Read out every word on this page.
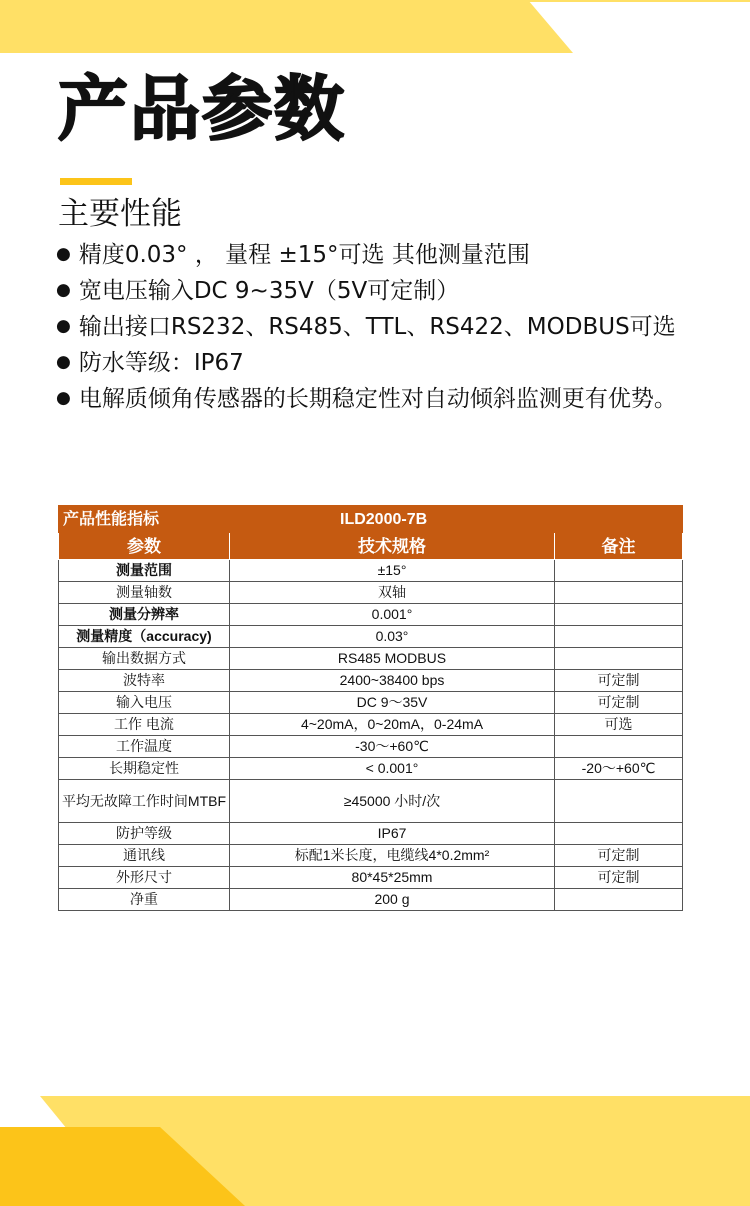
产品参数
主要性能
● 精度0.03° ， 量程 ±15°可选 其他测量范围
● 宽电压输入DC 9~35V（5V可定制）
● 输出接口RS232、RS485、TTL、RS422、MODBUS可选
● 防水等级：IP67
● 电解质倾角传感器的长期稳定性对自动倾斜监测更有优势。
产品性能指标	ILD2000-7B	
参数	技术规格	备注
测量范围	±15°	
测量轴数	双轴	
测量分辨率	0.001°	
测量精度（accuracy)	0.03°	
输出数据方式	RS485 MODBUS	
波特率	2400~38400 bps	可定制
输入电压	DC 9～35V	可定制
工作 电流	4~20mA，0~20mA，0-24mA	可选
工作温度	-30～+60℃	
长期稳定性	< 0.001°	-20～+60℃
平均无故障工作时间MTBF	≥45000 小时/次	
防护等级	IP67	
通讯线	标配1米长度，电缆线4*0.2mm²	可定制
外形尺寸	80*45*25mm	可定制
净重	200 g	
